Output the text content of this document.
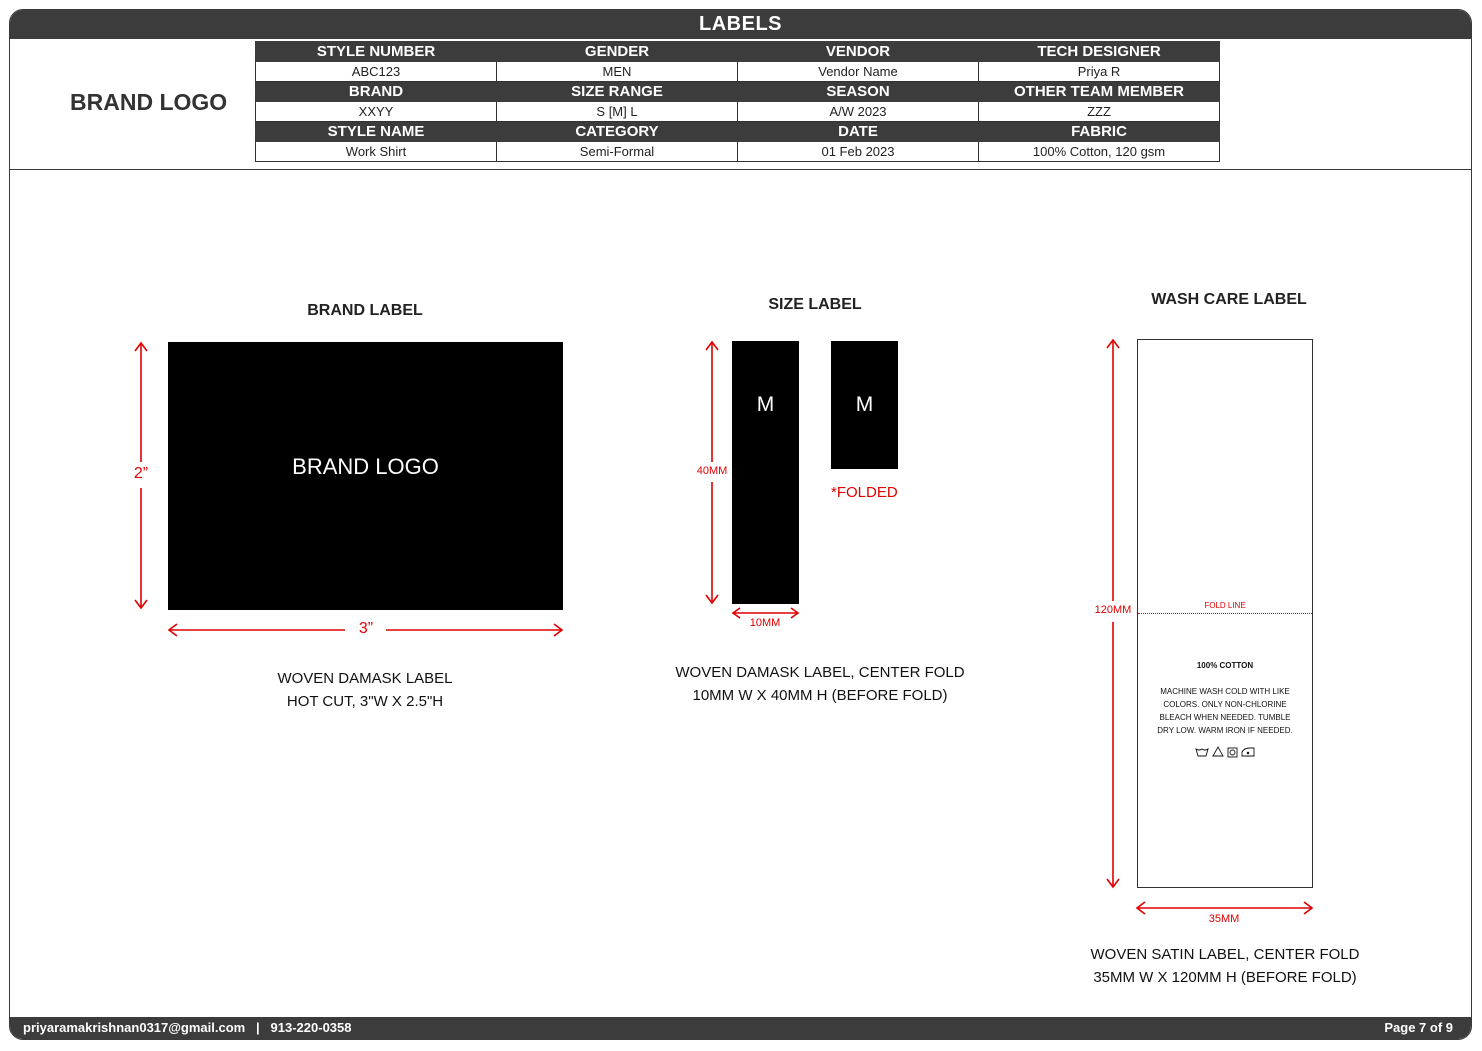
LABELS
BRAND LOGO
STYLE NUMBER	GENDER	VENDOR	TECH DESIGNER
ABC123	MEN	Vendor Name	Priya R
BRAND	SIZE RANGE	SEASON	OTHER TEAM MEMBER
XXYY	S [M] L	A/W 2023	ZZZ
STYLE NAME	CATEGORY	DATE	FABRIC
Work Shirt	Semi-Formal	01 Feb 2023	100% Cotton, 120 gsm
priyaramakrishnan0317@gmail.com   |   913-220-0358	Page 7 of 9
BRAND LABEL
BRAND LOGO
2”
3”
WOVEN DAMASK LABEL
HOT CUT, 3"W X 2.5"H
SIZE LABEL
M	M
*FOLDED
40MM
10MM
WOVEN DAMASK LABEL, CENTER FOLD
10MM W X 40MM H (BEFORE FOLD)
WASH CARE LABEL
FOLD LINE
100% COTTON
MACHINE WASH COLD WITH LIKE
COLORS. ONLY NON-CHLORINE
BLEACH WHEN NEEDED. TUMBLE
DRY LOW. WARM IRON IF NEEDED.
120MM
35MM
WOVEN SATIN LABEL, CENTER FOLD
35MM W X 120MM H (BEFORE FOLD)
